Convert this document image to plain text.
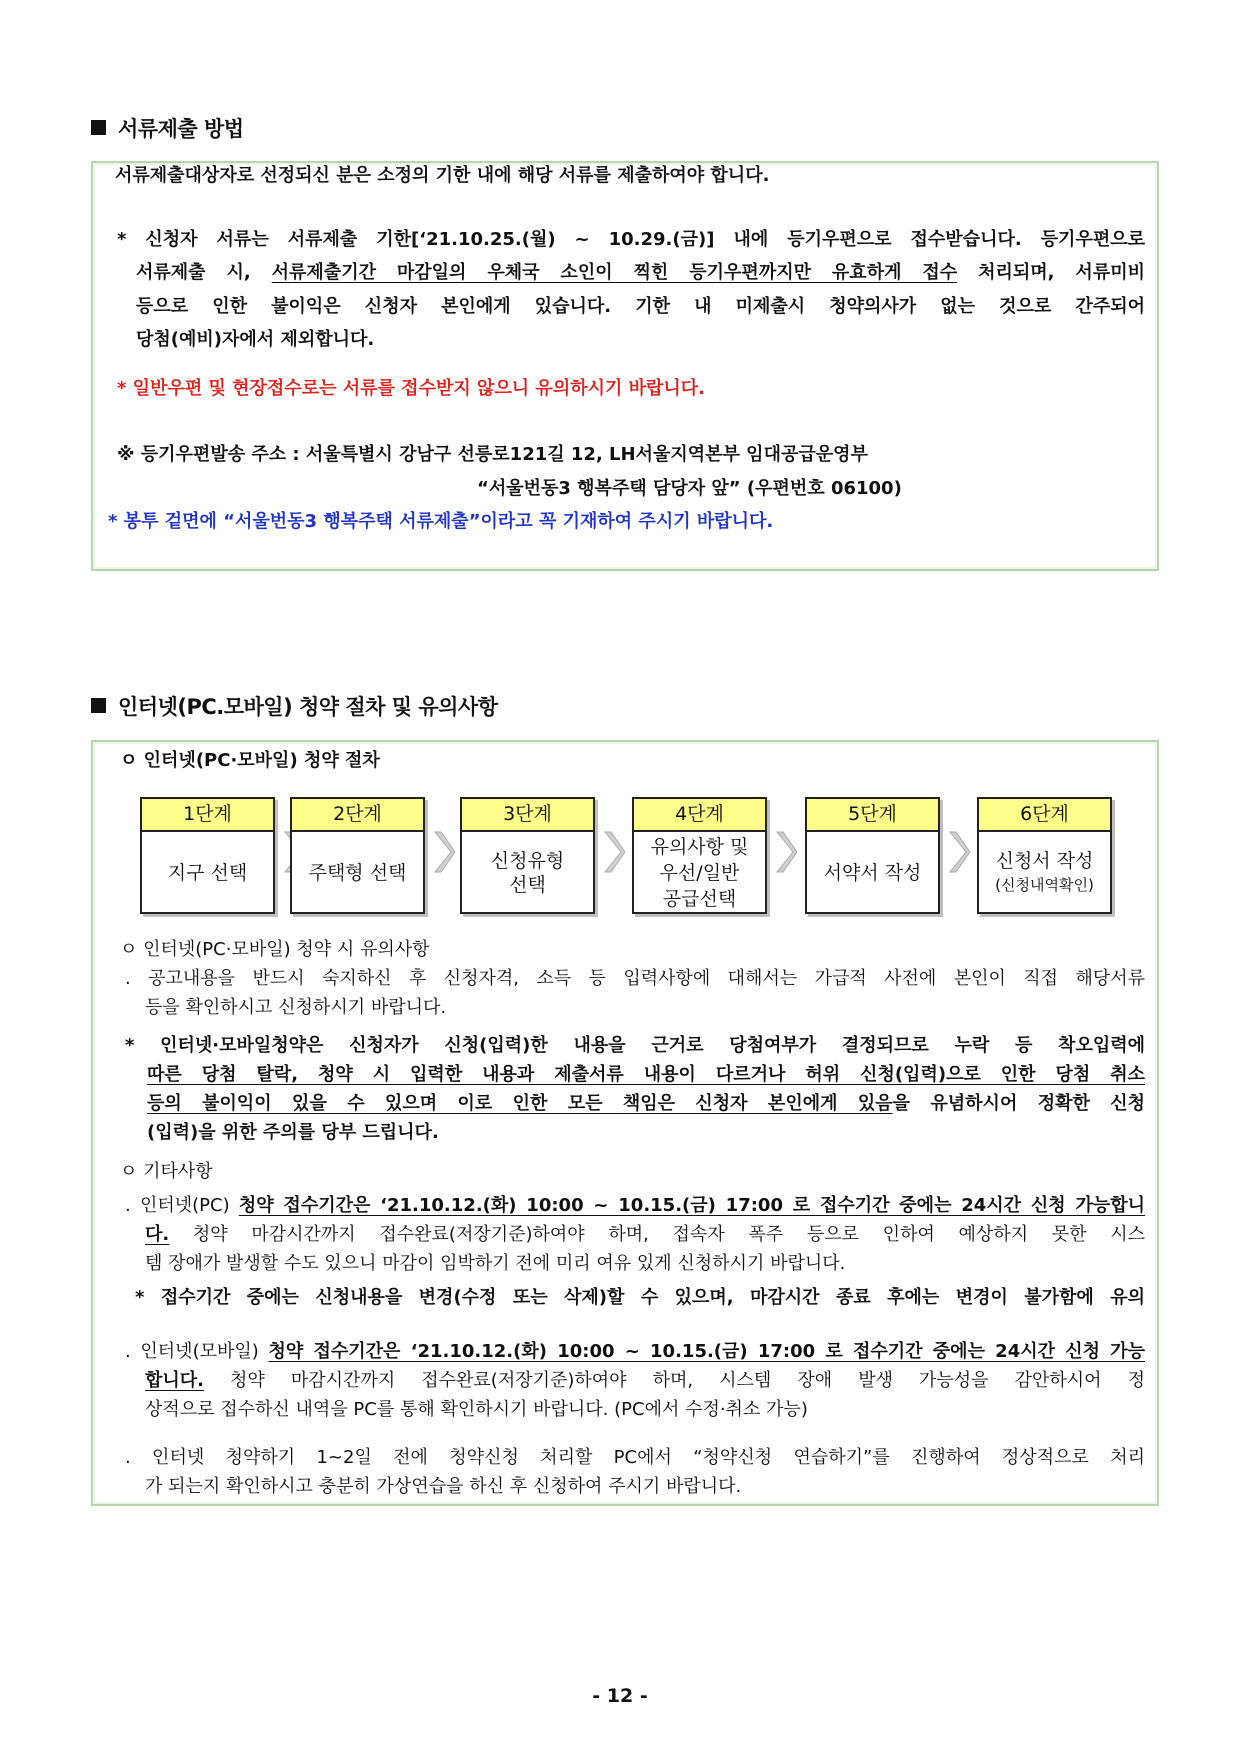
서류제출 방법
서류제출대상자로 선정되신 분은 소정의 기한 내에 해당 서류를 제출하여야 합니다.
* 신청자 서류는 서류제출 기한[‘21.10.25.(월) ~ 10.29.(금)] 내에 등기우편으로 접수받습니다. 등기우편으로
서류제출 시, 서류제출기간 마감일의 우체국 소인이 찍힌 등기우편까지만 유효하게 접수 처리되며, 서류미비
등으로 인한 불이익은 신청자 본인에게 있습니다. 기한 내 미제출시 청약의사가 없는 것으로 간주되어
당첨(예비)자에서 제외합니다.
* 일반우편 및 현장접수로는 서류를 접수받지 않으니 유의하시기 바랍니다.
※ 등기우편발송 주소 : 서울특별시 강남구 선릉로121길 12, LH서울지역본부 임대공급운영부
“서울번동3 행복주택 담당자 앞” (우편번호 06100)
* 봉투 겉면에 “서울번동3 행복주택 서류제출”이라고 꼭 기재하여 주시기 바랍니다.
인터넷(PC.모바일) 청약 절차 및 유의사항
ㅇ 인터넷(PC·모바일) 청약 절차
1단계
지구 선택
2단계
주택형 선택
3단계
신청유형
선택
4단계
유의사항 및
우선/일반
공급선택
5단계
서약서 작성
6단계
신청서 작성
(신청내역확인)
ㅇ 인터넷(PC·모바일) 청약 시 유의사항
. 공고내용을 반드시 숙지하신 후 신청자격, 소득 등 입력사항에 대해서는 가급적 사전에 본인이 직접 해당서류
등을 확인하시고 신청하시기 바랍니다.
* 인터넷·모바일청약은 신청자가 신청(입력)한 내용을 근거로 당첨여부가 결정되므로 누락 등 착오입력에
따른 당첨 탈락, 청약 시 입력한 내용과 제출서류 내용이 다르거나 허위 신청(입력)으로 인한 당첨 취소
등의 불이익이 있을 수 있으며 이로 인한 모든 책임은 신청자 본인에게 있음을 유념하시어 정확한 신청
(입력)을 위한 주의를 당부 드립니다.
ㅇ 기타사항
. 인터넷(PC) 청약 접수기간은 ‘21.10.12.(화) 10:00 ~ 10.15.(금) 17:00 로 접수기간 중에는 24시간 신청 가능합니
다. 청약 마감시간까지 접수완료(저장기준)하여야 하며, 접속자 폭주 등으로 인하여 예상하지 못한 시스
템 장애가 발생할 수도 있으니 마감이 임박하기 전에 미리 여유 있게 신청하시기 바랍니다.
* 접수기간 중에는 신청내용을 변경(수정 또는 삭제)할 수 있으며, 마감시간 종료 후에는 변경이 불가함에 유의
. 인터넷(모바일) 청약 접수기간은 ‘21.10.12.(화) 10:00 ~ 10.15.(금) 17:00 로 접수기간 중에는 24시간 신청 가능
합니다. 청약 마감시간까지 접수완료(저장기준)하여야 하며, 시스템 장애 발생 가능성을 감안하시어 정
상적으로 접수하신 내역을 PC를 통해 확인하시기 바랍니다. (PC에서 수정·취소 가능)
. 인터넷 청약하기 1~2일 전에 청약신청 처리할 PC에서 “청약신청 연습하기”를 진행하여 정상적으로 처리
가 되는지 확인하시고 충분히 가상연습을 하신 후 신청하여 주시기 바랍니다.
- 12 -
